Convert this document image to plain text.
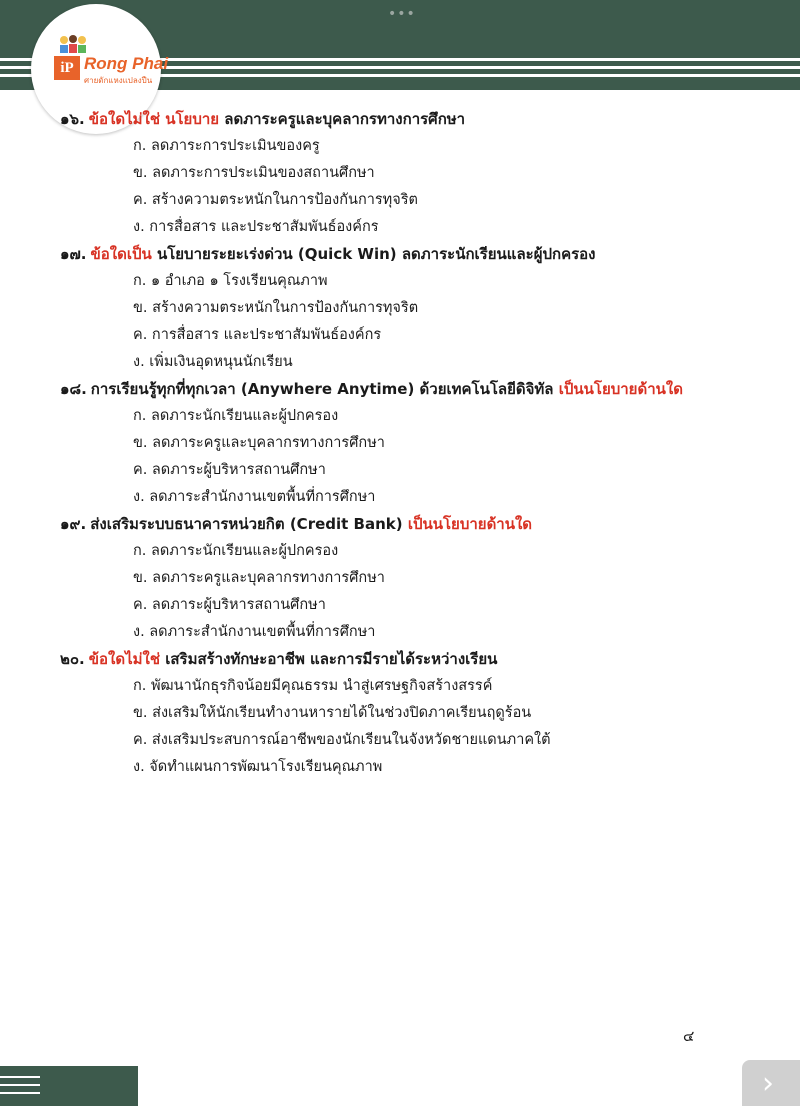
•••
iP Rong Phai
ศายดักแหงแปลงปืน
๑๖. ข้อใดไม่ใช่ นโยบาย ลดภาระครูและบุคลากรทางการศึกษา
ก. ลดภาระการประเมินของครู
ข. ลดภาระการประเมินของสถานศึกษา
ค. สร้างความตระหนักในการป้องกันการทุจริต
ง. การสื่อสาร และประชาสัมพันธ์องค์กร
๑๗. ข้อใดเป็น นโยบายระยะเร่งด่วน (Quick Win) ลดภาระนักเรียนและผู้ปกครอง
ก. ๑ อำเภอ ๑ โรงเรียนคุณภาพ
ข. สร้างความตระหนักในการป้องกันการทุจริต
ค. การสื่อสาร และประชาสัมพันธ์องค์กร
ง. เพิ่มเงินอุดหนุนนักเรียน
๑๘. การเรียนรู้ทุกที่ทุกเวลา (Anywhere Anytime) ด้วยเทคโนโลยีดิจิทัล เป็นนโยบายด้านใด
ก. ลดภาระนักเรียนและผู้ปกครอง
ข. ลดภาระครูและบุคลากรทางการศึกษา
ค. ลดภาระผู้บริหารสถานศึกษา
ง. ลดภาระสำนักงานเขตพื้นที่การศึกษา
๑๙. ส่งเสริมระบบธนาคารหน่วยกิต (Credit Bank) เป็นนโยบายด้านใด
ก. ลดภาระนักเรียนและผู้ปกครอง
ข. ลดภาระครูและบุคลากรทางการศึกษา
ค. ลดภาระผู้บริหารสถานศึกษา
ง. ลดภาระสำนักงานเขตพื้นที่การศึกษา
๒๐. ข้อใดไม่ใช่ เสริมสร้างทักษะอาชีพ และการมีรายได้ระหว่างเรียน
ก. พัฒนานักธุรกิจน้อยมีคุณธรรม นำสู่เศรษฐกิจสร้างสรรค์
ข. ส่งเสริมให้นักเรียนทำงานหารายได้ในช่วงปิดภาคเรียนฤดูร้อน
ค. ส่งเสริมประสบการณ์อาชีพของนักเรียนในจังหวัดชายแดนภาคใต้
ง. จัดทำแผนการพัฒนาโรงเรียนคุณภาพ
๔
›
